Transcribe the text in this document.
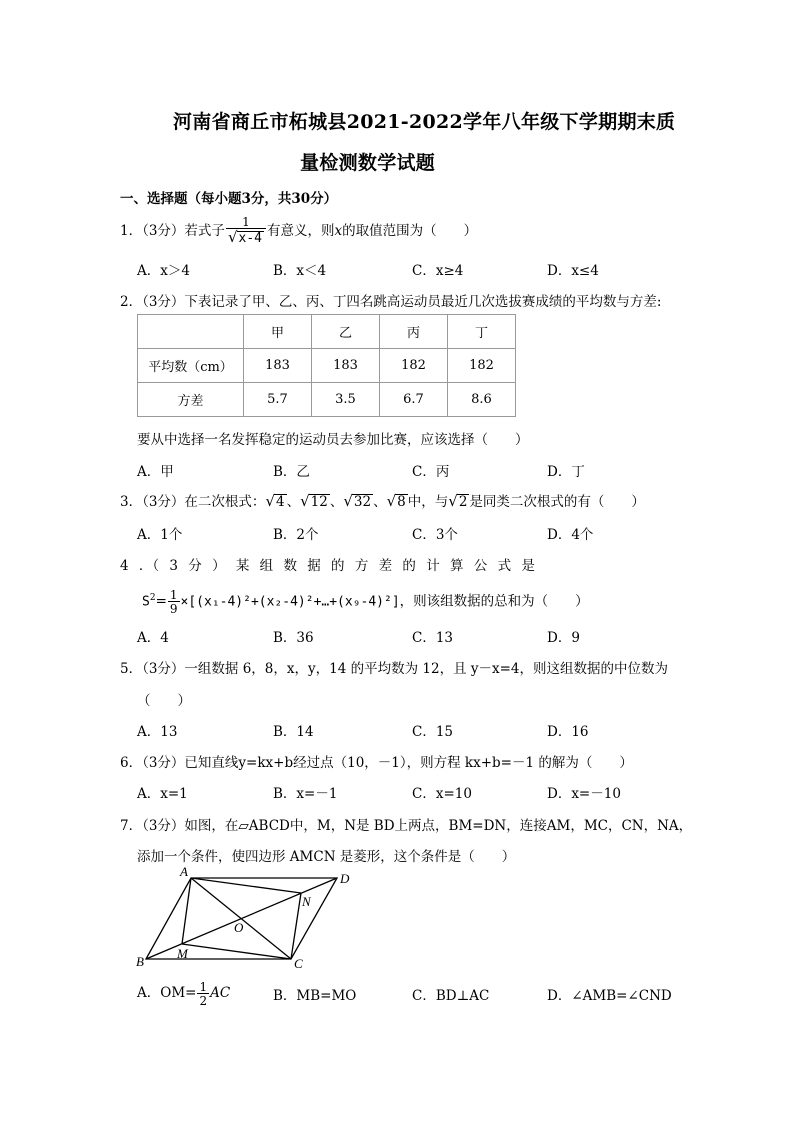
河南省商丘市柘城县2021-2022学年八年级下学期期末质
量检测数学试题
一、选择题（每小题3分，共30分）
1．（3分）若式子 $\frac{1}{√x-4}$ 有意义，则x的取值范围为（　　）
A．x＞4	B．x＜4	C．x≥4	D．x≤4
2．（3分）下表记录了甲、乙、丙、丁四名跳高运动员最近几次选拔赛成绩的平均数与方差:
	甲	乙	丙	丁
平均数（cm）	183	183	182	182
方差	5.7	3.5	6.7	8.6
要从中选择一名发挥稳定的运动员去参加比赛，应该选择（　　）
A．甲	B．乙	C．丙	D．丁
3．（3分）在二次根式：√4 、√12 、√32 、√8 中，与√2 是同类二次根式的有（　　）
A．1个	B．2个	C．3个	D．4个
4 ．（ 3 分 ） 某 组 数 据 的 方 差 的 计 算 公 式 是
$S^2= \frac{1}{9}$ ×[(x₁-4)²+(x₂-4)²+…+(x₉-4)²]，则该组数据的总和为（　　）
A．4	B．36	C．13	D．9
5．（3分）一组数据 6，8，x，y，14 的平均数为 12，且 y－x=4，则这组数据的中位数为
（　　）
A．13	B．14	C．15	D．16
6．（3分）已知直线y=kx+b经过点（10，－1），则方程 kx+b=－1 的解为（　　）
A．x=1	B．x=－1	C．x=10	D．x=－10
7．（3分）如图，在▱ABCD中，M，N是 BD上两点，BM=DN，连接AM，MC，CN，NA，
添加一个条件，使四边形 AMCN 是菱形，这个条件是（　　）
A	D
N
O
B
M
C
A．$OM= \frac{1}{2}$ AC	B．MB=MO	C．BD⊥AC	D．∠AMB=∠CND
